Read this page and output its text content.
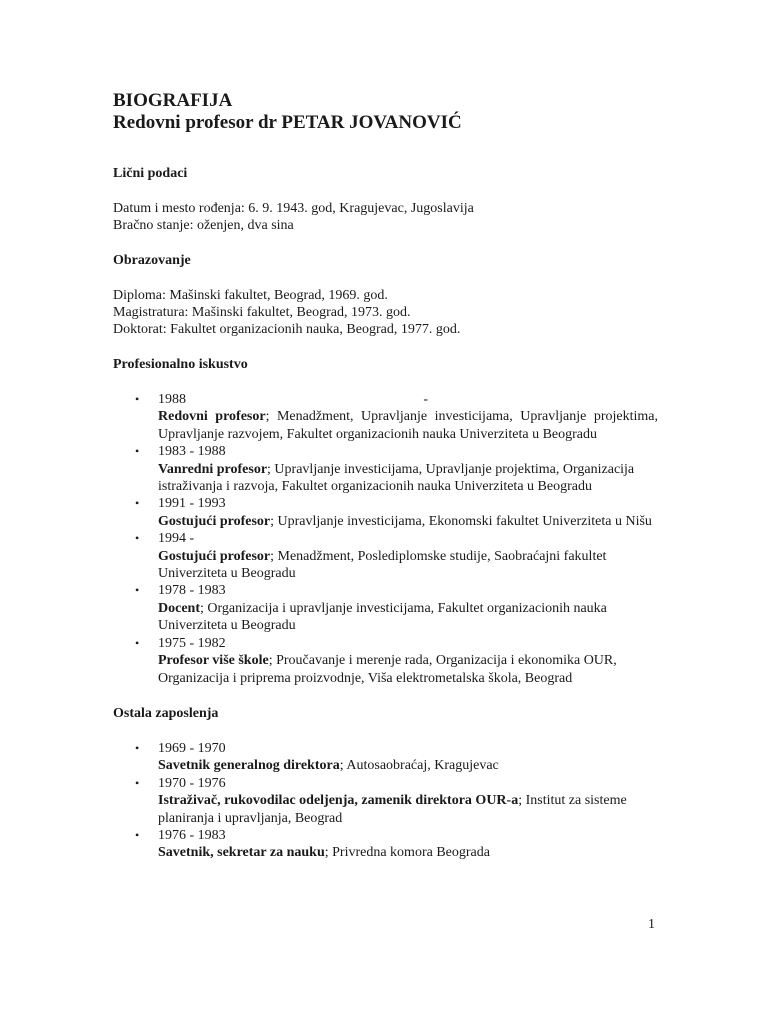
BIOGRAFIJA
Redovni profesor dr PETAR JOVANOVIĆ

Lični podaci

Datum i mesto rođenja: 6. 9. 1943. god, Kragujevac, Jugoslavija

Bračno stanje: oženjen, dva sina

Obrazovanje

Diploma: Mašinski fakultet, Beograd, 1969. god.

Magistratura: Mašinski fakultet, Beograd, 1973. god.

Doktorat: Fakultet organizacionih nauka, Beograd, 1977. god.

Profesionalno iskustvo

•	1988	-
Redovni profesor; Menadžment, Upravljanje investicijama, Upravljanje projektima, Upravljanje razvojem, Fakultet organizacionih nauka Univerziteta u Beogradu
•	1983 - 1988
Vanredni profesor; Upravljanje investicijama, Upravljanje projektima, Organizacija istraživanja i razvoja, Fakultet organizacionih nauka Univerziteta u Beogradu
•	1991 - 1993
Gostujući profesor; Upravljanje investicijama, Ekonomski fakultet Univerziteta u Nišu
•	1994 -
Gostujući profesor; Menadžment, Poslediplomske studije, Saobraćajni fakultet Univerziteta u Beogradu
•	1978 - 1983
Docent; Organizacija i upravljanje investicijama, Fakultet organizacionih nauka Univerziteta u Beogradu
•	1975 - 1982
Profesor više škole; Proučavanje i merenje rada, Organizacija i ekonomika OUR, Organizacija i priprema proizvodnje, Viša elektrometalska škola, Beograd

Ostala zaposlenja

•	1969 - 1970
Savetnik generalnog direktora; Autosaobraćaj, Kragujevac
•	1970 - 1976
Istraživač, rukovodilac odeljenja, zamenik direktora OUR-a; Institut za sisteme planiranja i upravljanja, Beograd
•	1976 - 1983
Savetnik, sekretar za nauku; Privredna komora Beograda
1
